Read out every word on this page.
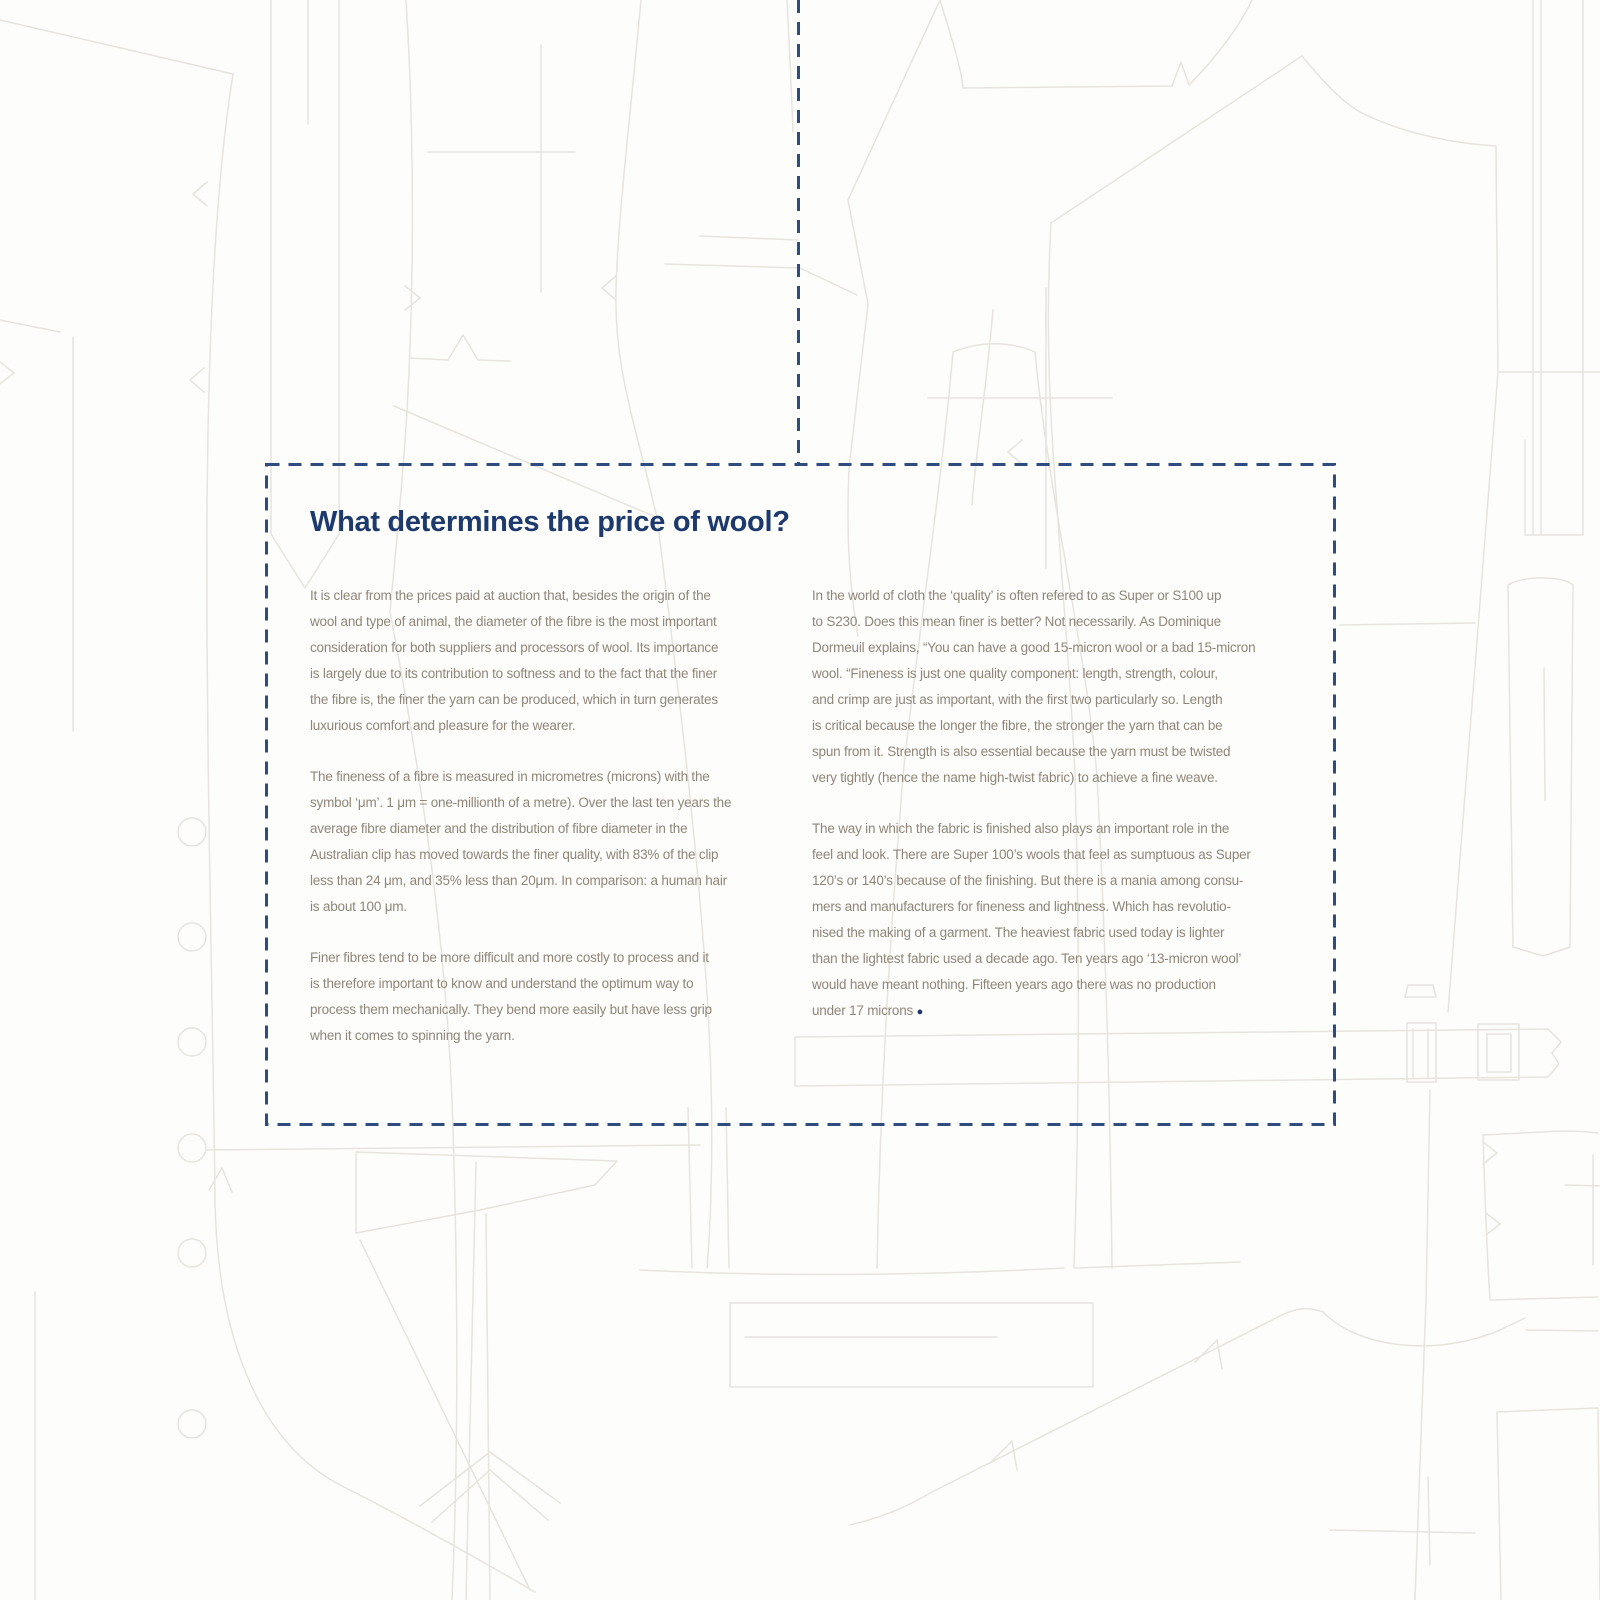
What determines the price of wool?
It is clear from the prices paid at auction that, besides the origin of the
wool and type of animal, the diameter of the fibre is the most important
consideration for both suppliers and processors of wool. Its importance
is largely due to its contribution to softness and to the fact that the finer
the fibre is, the finer the yarn can be produced, which in turn generates
luxurious comfort and pleasure for the wearer.
The fineness of a fibre is measured in micrometres (microns) with the
symbol ‘μm’. 1 μm = one-millionth of a metre). Over the last ten years the
average fibre diameter and the distribution of fibre diameter in the
Australian clip has moved towards the finer quality, with 83% of the clip
less than 24 μm, and 35% less than 20μm. In comparison: a human hair
is about 100 μm.
Finer fibres tend to be more difficult and more costly to process and it
is therefore important to know and understand the optimum way to
process them mechanically. They bend more easily but have less grip
when it comes to spinning the yarn.
In the world of cloth the ‘quality’ is often refered to as Super or S100 up
to S230. Does this mean finer is better? Not necessarily. As Dominique
Dormeuil explains, “You can have a good 15-micron wool or a bad 15-micron
wool. “Fineness is just one quality component: length, strength, colour,
and crimp are just as important, with the first two particularly so. Length
is critical because the longer the fibre, the stronger the yarn that can be
spun from it. Strength is also essential because the yarn must be twisted
very tightly (hence the name high-twist fabric) to achieve a fine weave.
The way in which the fabric is finished also plays an important role in the
feel and look. There are Super 100’s wools that feel as sumptuous as Super
120’s or 140’s because of the finishing. But there is a mania among consu-
mers and manufacturers for fineness and lightness. Which has revolutio-
nised the making of a garment. The heaviest fabric used today is lighter
than the lightest fabric used a decade ago. Ten years ago ‘13-micron wool’
would have meant nothing. Fifteen years ago there was no production
under 17 microns ●
